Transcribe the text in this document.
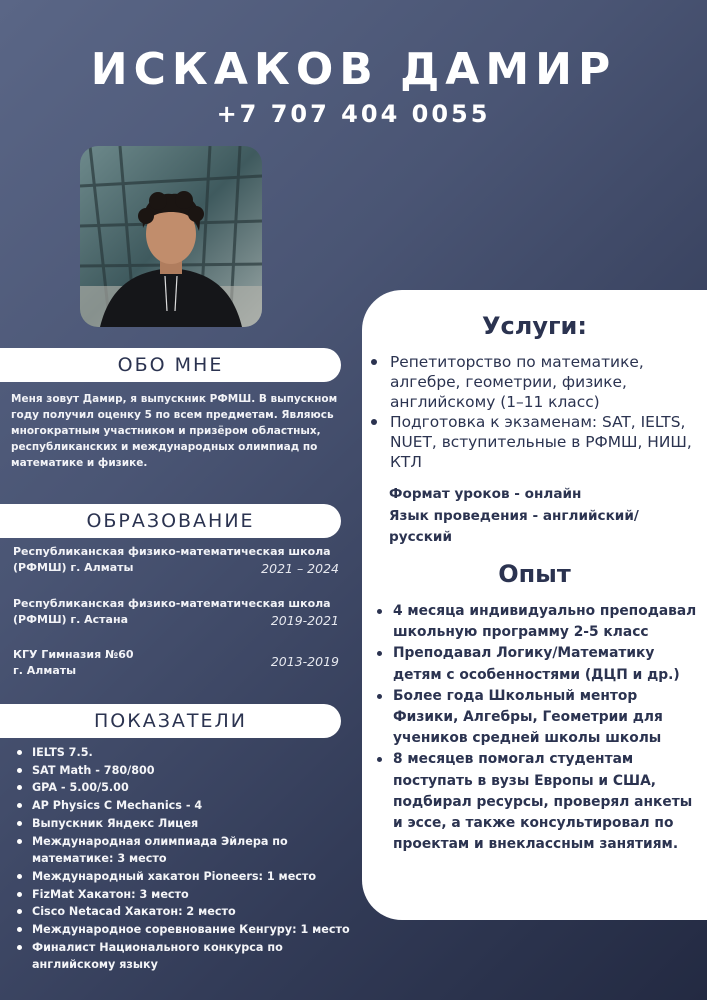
ИСКАКОВ ДАМИР
+7 707 404 0055
ОБО МНЕ
Меня зовут Дамир, я выпускник РФМШ. В выпускном году получил оценку 5 по всем предметам. Являюсь многократным участником и призёром областных, республиканских и международных олимпиад по математике и физике.
ОБРАЗОВАНИЕ
Республиканская физико-математическая школа (РФМШ) г. Алматы	2021 – 2024
Республиканская физико-математическая школа (РФМШ) г. Астана	2019-2021
КГУ Гимназия №60
г. Алматы
2013-2019
ПОКАЗАТЕЛИ
IELTS 7.5.
SAT Math - 780/800
GPA - 5.00/5.00
AP Physics C Mechanics - 4
Выпускник Яндекс Лицея
Международная олимпиада Эйлера по математике: 3 место
Международный хакатон Pioneers: 1 место
FizMat Хакатон: 3 место
Cisco Netacad Хакатон: 2 место
Международное соревнование Кенгуру: 1 место
Финалист Национального конкурса по английскому языку
Услуги:
Репетиторство по математике, алгебре, геометрии, физике, английскому (1–11 класс)
Подготовка к экзаменам: SAT, IELTS, NUET, вступительные в РФМШ, НИШ, КТЛ
Формат уроков - онлайн
Язык проведения - английский/ русский
Опыт
4 месяца индивидуально преподавал школьную программу 2-5 класс
Преподавал Логику/Математику детям с особенностями (ДЦП и др.)
Более года Школьный ментор Физики, Алгебры, Геометрии для учеников средней школы школы
8 месяцев помогал студентам поступать в вузы Европы и США, подбирал ресурсы, проверял анкеты и эссе, а также консультировал по проектам и внеклассным занятиям.
